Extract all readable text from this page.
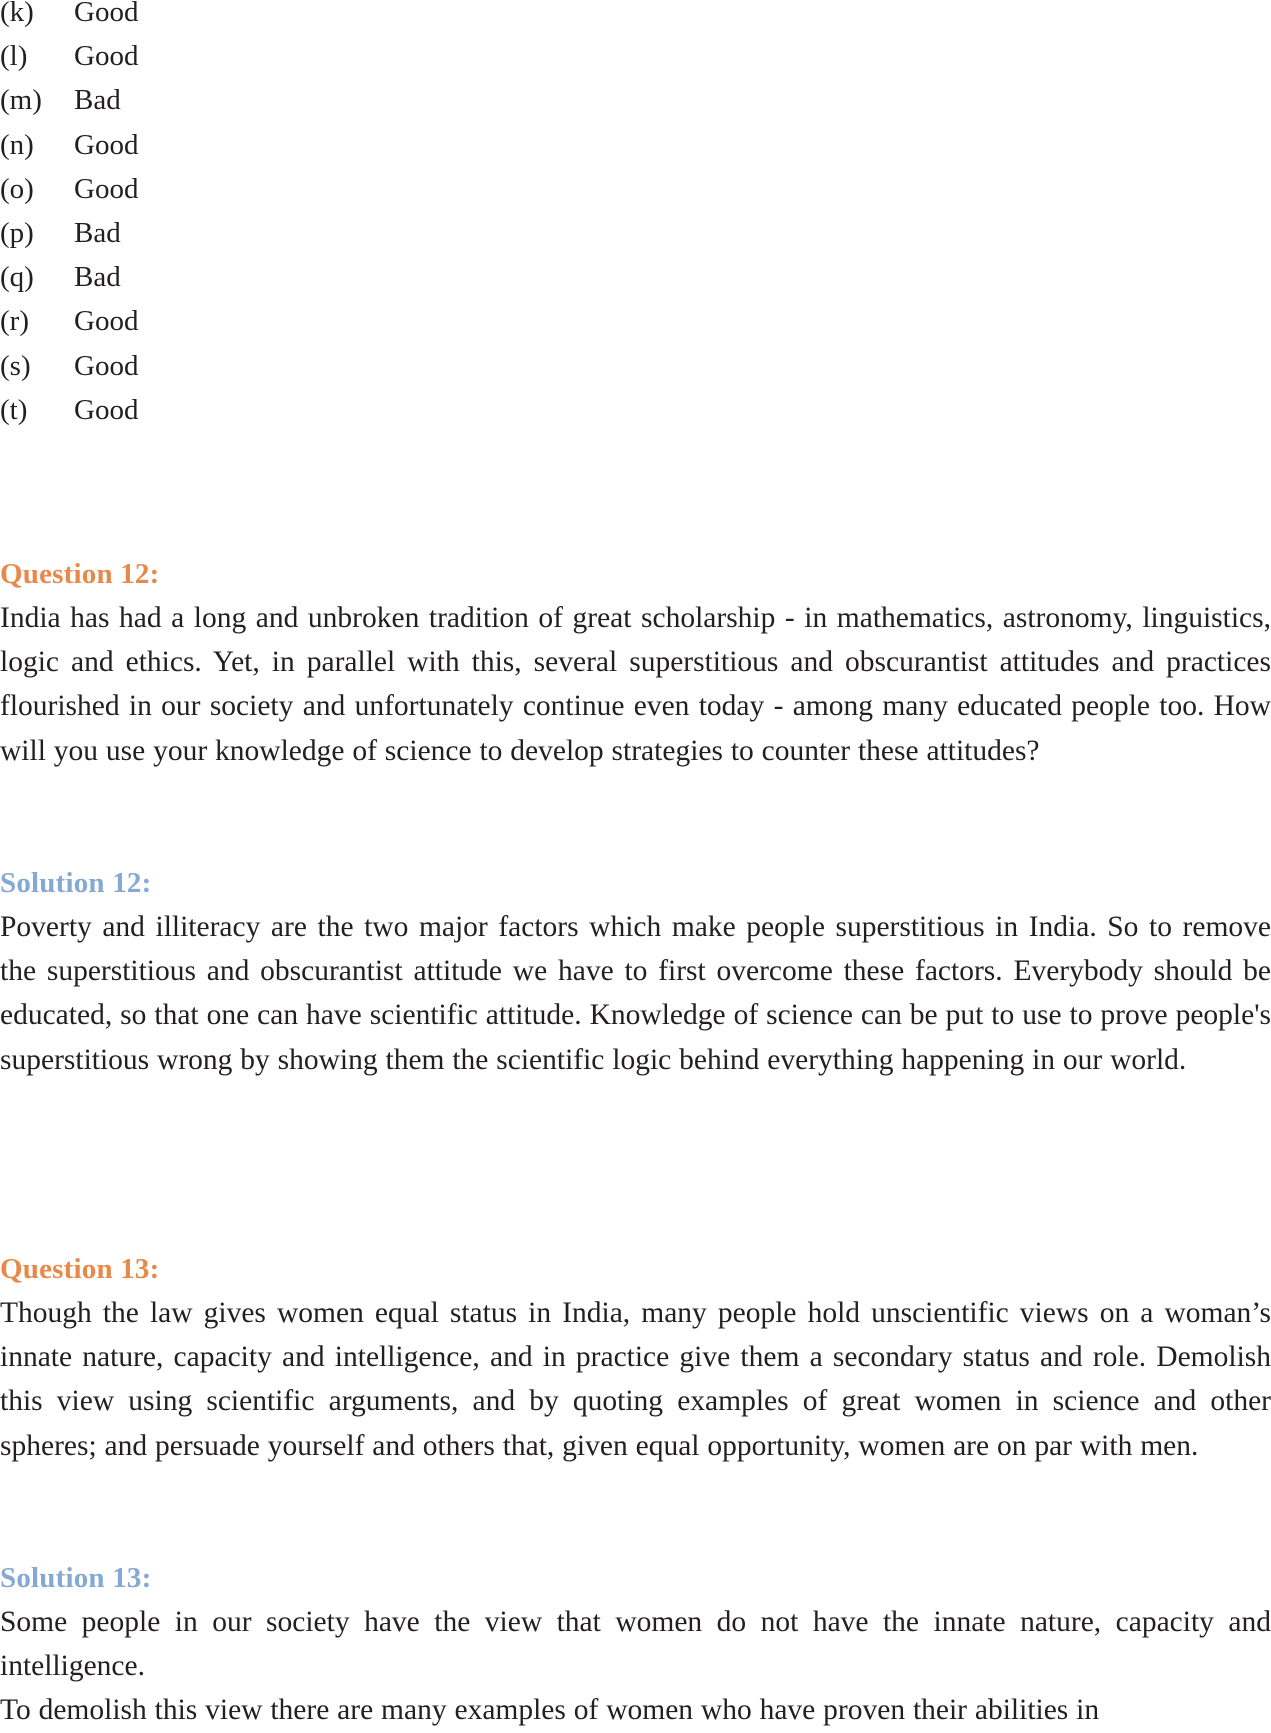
(k) Good
(l) Good
(m) Bad
(n) Good
(o) Good
(p) Bad
(q) Bad
(r) Good
(s) Good
(t) Good
Question 12:

India has had a long and unbroken tradition of great scholarship - in mathematics, astronomy, linguistics, logic and ethics. Yet, in parallel with this, several superstitious and obscurantist attitudes and practices flourished in our society and unfortunately continue even today - among many educated people too. How will you use your knowledge of science to develop strategies to counter these attitudes?

Solution 12:

Poverty and illiteracy are the two major factors which make people superstitious in India. So to remove the superstitious and obscurantist attitude we have to first overcome these factors. Everybody should be educated, so that one can have scientific attitude. Knowledge of science can be put to use to prove people's superstitious wrong by showing them the scientific logic behind everything happening in our world.

Question 13:

Though the law gives women equal status in India, many people hold unscientific views on a woman’s innate nature, capacity and intelligence, and in practice give them a secondary status and role. Demolish this view using scientific arguments, and by quoting examples of great women in science and other spheres; and persuade yourself and others that, given equal opportunity, women are on par with men.

Solution 13:

Some people in our society have the view that women do not have the innate nature, capacity and intelligence.

To demolish this view there are many examples of women who have proven their abilities in
